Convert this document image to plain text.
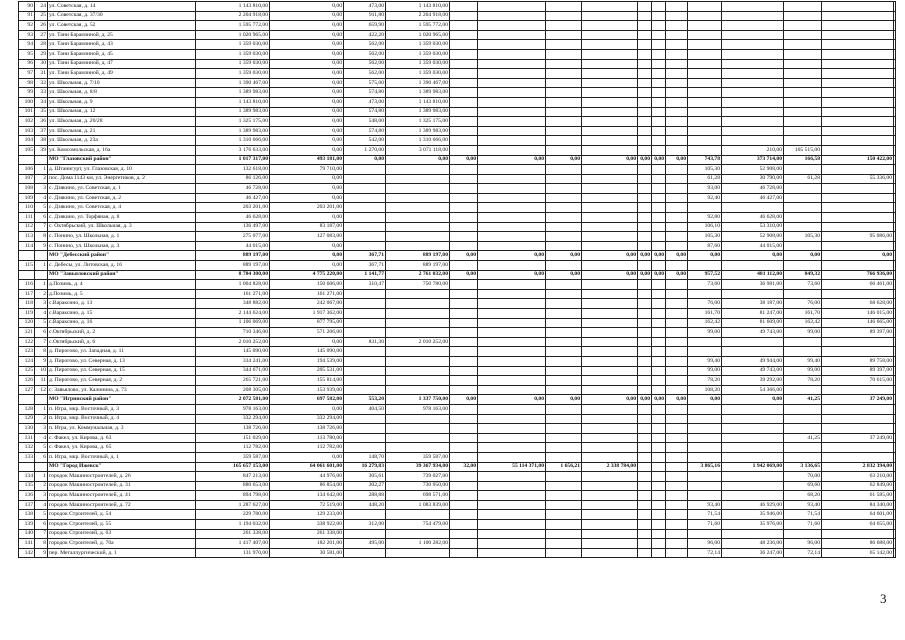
90	24	ул. Советская, д. 14	1 143 810,00	0,00	473,00	1 143 810,00												
91	25	ул. Советская, д. 37/30	2 204 918,00	0,00	911,80	2 204 918,00												
92	26	ул. Советская, д. 52	1 595 772,00	0,00	659,90	1 595 772,00												
93	27	ул. Тани Барамзиной, д. 25	1 020 965,00	0,00	422,20	1 020 965,00												
94	28	ул. Тани Барамзиной, д. 43	1 359 030,00	0,00	562,00	1 359 030,00												
95	29	ул. Тани Барамзиной, д. 45	1 359 030,00	0,00	562,00	1 359 030,00												
96	30	ул. Тани Барамзиной, д. 47	1 359 030,00	0,00	562,00	1 359 030,00												
97	31	ул. Тани Барамзиной, д. 49	1 359 030,00	0,00	562,00	1 359 030,00												
98	32	ул. Школьная, д. 7/10	1 390 467,00	0,00	575,00	1 390 467,00												
99	33	ул. Школьная, д. 8/8	1 389 983,00	0,00	574,80	1 389 983,00												
100	34	ул. Школьная, д. 9	1 143 810,00	0,00	473,00	1 143 810,00												
101	35	ул. Школьная, д. 12	1 389 983,00	0,00	574,80	1 389 983,00												
102	36	ул. Школьная, д. 20/28	1 325 175,00	0,00	548,00	1 325 175,00												
103	37	ул. Школьная, д. 21	1 389 983,00	0,00	574,80	1 389 983,00												
104	38	ул. Школьная, д. 23а	1 310 666,00	0,00	542,00	1 310 666,00												
105	39	ул. Комсомольская, д. 16а	3 176 633,00	0,00	1 270,00	3 071 118,00									210,00	105 515,00		
		МО "Глазовский район"	1 017 317,00	493 181,00	0,00	0,00	0,00	0,00	0,00	0,00	0,00	0,00	0,00	743,78	373 714,00	166,58	150 422,00	
106	1	д. Штанигурт, ул. Глазовская, д. 10	132 618,00	79 710,00										105,30	52 908,00			
107	2	пос. Дома 1143 км, ул. Энергетиков, д. 2	86 126,00	0,00										61,28	30 790,00	61,28	55 336,00	
108	3	с. Дзякино, ул. Советская, д. 1	46 728,00	0,00										93,00	46 728,00			
109	4	с. Дзякино, ул. Советская, д. 2	46 427,00	0,00										92,40	46 427,00			
110	5	с. Дзякино, ул. Советская, д. 4	203 201,00	203 201,00														
111	6	с. Дзякино, ул. Торфяная, д. 8	46 628,00	0,00										92,80	46 628,00			
112	7	с. Октябрьский, ул. Школьная, д. 3	136 497,00	83 187,00										106,10	53 310,00			
113	8	с. Понино, ул. Школьная, д. 1	275 077,00	127 083,00										105,30	52 908,00	105,30	95 086,00	
114	9	с. Понино, ул. Школьная, д. 3	44 015,00	0,00										87,60	44 015,00			
		МО "Дебесский район"	889 197,00	0,00	367,71	889 197,00	0,00	0,00	0,00	0,00	0,00	0,00	0,00	0,00	0,00	0,00	0,00	
115	1	с. Дебесы, ул. Литовская, д. 16	889 197,00	0,00	367,71	889 197,00												
		МО "Завьяловский район"	8 784 300,00	4 775 220,00	1 141,77	2 761 032,00	0,00	0,00	0,00	0,00	0,00	0,00	0,00	957,52	481 112,00	849,32	766 936,00	
116	1	д.Позимь, д. 4	1 004 828,00	150 606,00	310,47	750 780,00								73,60	36 981,00	73,60	66 461,00	
117	2	д.Позимь, д. 5	161 271,00	161 271,00														
118	3	с.Вараксино, д. 13	348 882,00	242 067,00										76,00	38 187,00	76,00	68 628,00	
119	4	с.Вараксино, д. 15	2 144 624,00	1 917 362,00										161,70	81 247,00	161,70	146 015,00	
120	5	с.Вараксино, д. 16	1 106 069,00	877 795,00										162,42	81 609,00	162,42	146 665,00	
121	6	с.Октябрьский, д. 2	710 346,00	571 206,00										99,00	49 743,00	99,00	89 397,00	
122	7	с.Октябрьский, д. 6	2 010 252,00	0,00	831,30	2 010 252,00												
123	8	д. Пирогово, ул. Западная, д. 11	145 090,00	145 090,00														
124	9	д. Пирогово, ул. Северная, д. 13	334 241,00	194 539,00										99,40	49 944,00	99,40	89 758,00	
125	10	д. Пирогово, ул. Северная, д. 15	344 671,00	205 531,00										99,00	49 743,00	99,00	89 397,00	
126	11	д. Пирогово, ул. Северная, д. 2	265 721,00	155 814,00										78,20	39 292,00	78,20	70 615,00	
127	12	с. Завьялово, ул. Калинина, д. 73	208 305,00	153 939,00										108,20	54 366,00			
		МО "Игринский район"	2 072 581,00	697 582,00	553,20	1 337 750,00	0,00	0,00	0,00	0,00	0,00	0,00	0,00	0,00	0,00	41,25	37 249,00	
128	1	п. Игра, мкр. Восточный, д. 3	978 163,00	0,00	404,50	978 163,00												
129	2	п. Игра, мкр. Восточный, д. 4	332 294,00	332 294,00														
130	3	п. Игра, ул. Коммунальная, д. 3	138 726,00	138 726,00														
131	4	с. Факел, ул. Кирова, д. 63	151 029,00	113 780,00												41,25	37 249,00	
132	5	с. Факел, ул. Кирова, д. 65	112 782,00	112 782,00														
133	6	п. Игра, мкр. Восточный, д. 1	359 587,00	0,00	148,70	359 587,00												
		МО "Город Ижевск"	165 657 153,00	64 061 601,00	16 279,83	39 367 934,00	32,00	55 114 371,00	1 656,21	2 338 784,00				3 865,16	1 942 069,00	3 136,65	2 832 394,00	
134	1	городок Машиностроителей, д. 26	847 213,00	44 976,00	305,61	739 027,00										70,00	63 210,00	
135	2	городок Машиностроителей, д. 31	880 653,00	86 854,00	302,27	730 950,00										69,60	62 849,00	
136	3	городок Машиностроителей, д. 41	894 798,00	134 642,00	288,88	698 571,00										68,20	61 585,00	
137	4	городок Машиностроителей, д. 72	1 287 627,00	72 519,00	448,20	1 083 839,00								93,40	46 929,00	93,40	84 340,00	
138	5	городок Строителей, д. 54	229 780,00	129 233,00										71,54	35 946,00	71,54	64 601,00	
139	6	городок Строителей, д. 55	1 194 032,00	338 922,00	312,00	754 479,00								71,60	35 976,00	71,60	64 655,00	
140	7	городок Строителей, д. 63	261 338,00	261 338,00														
141	8	городок Строителей, д. 70а	1 417 407,00	182 201,00	495,00	1 100 282,00								96,00	48 236,00	96,00	86 688,00	
142	9	пер. Металлургический, д. 1	131 970,00	30 581,00										72,14	36 247,00	72,14	65 142,00	
3
